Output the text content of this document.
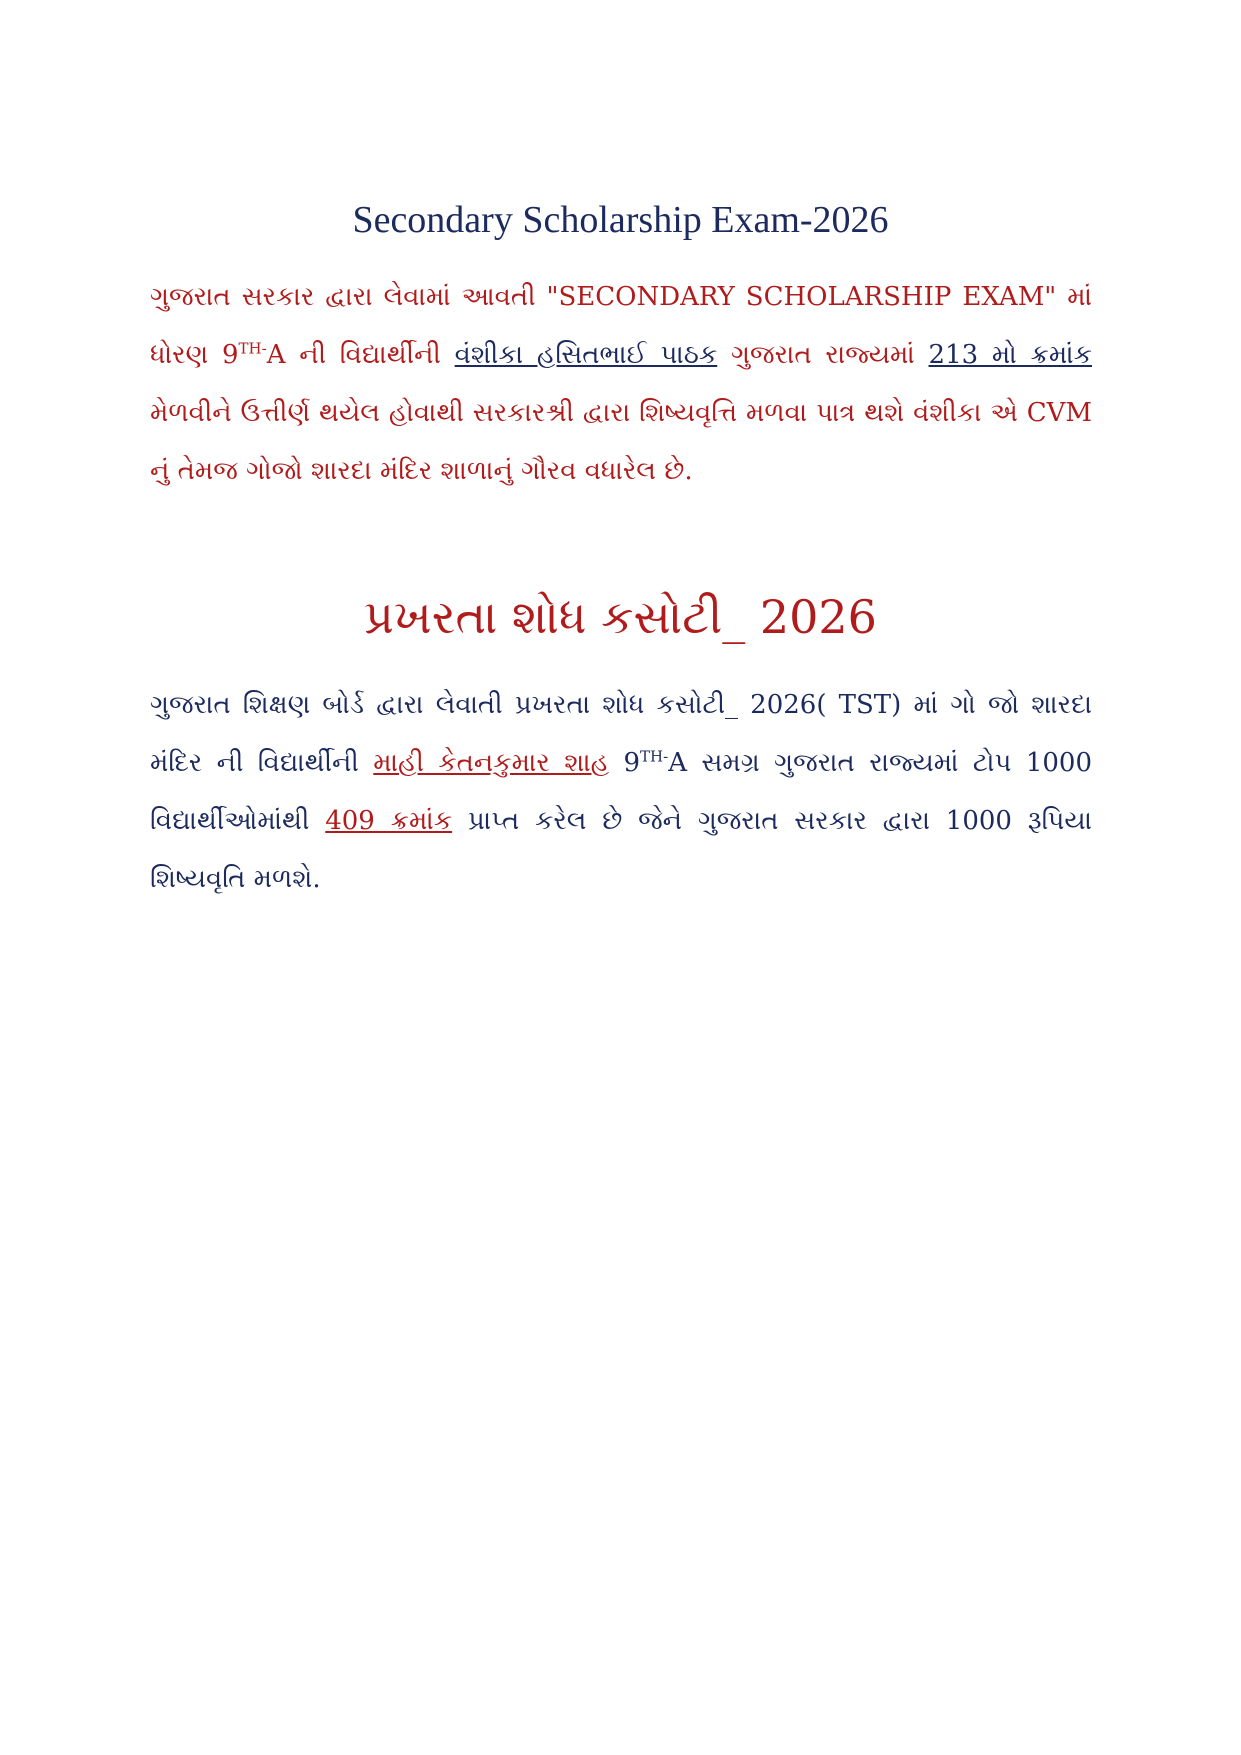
Secondary Scholarship Exam-2026

ગુજરાત સરકાર દ્વારા લેવામાં આવતી "SECONDARY SCHOLARSHIP EXAM" માં ધોરણ $9^{TH-}A$ ની વિદ્યાર્થીની વંશીકા હસિતભાઈ પાઠક ગુજરાત રાજ્યમાં 213 મો ક્રમાંક મેળવીને ઉત્તીર્ણ થયેલ હોવાથી સરકારશ્રી દ્વારા શિષ્યવૃત્તિ મળવા પાત્ર થશે વંશીકા એ CVM નું તેમજ ગોજો શારદા મંદિર શાળાનું ગૌરવ વધારેલ છે.

પ્રખરતા શોધ કસોટી_ 2026

ગુજરાત શિક્ષણ બોર્ડ દ્વારા લેવાતી પ્રખરતા શોધ કસોટી_ 2026( TST) માં ગો જો શારદા મંદિર ની વિદ્યાર્થીની માહી કેતનકુમાર શાહ $9^{TH-}A$ સમગ્ર ગુજરાત રાજ્યમાં ટોપ 1000 વિદ્યાર્થીઓમાંથી 409 ક્રમાંક પ્રાપ્ત કરેલ છે જેને ગુજરાત સરકાર દ્વારા 1000 રૂપિયા શિષ્યવૃતિ મળશે.
